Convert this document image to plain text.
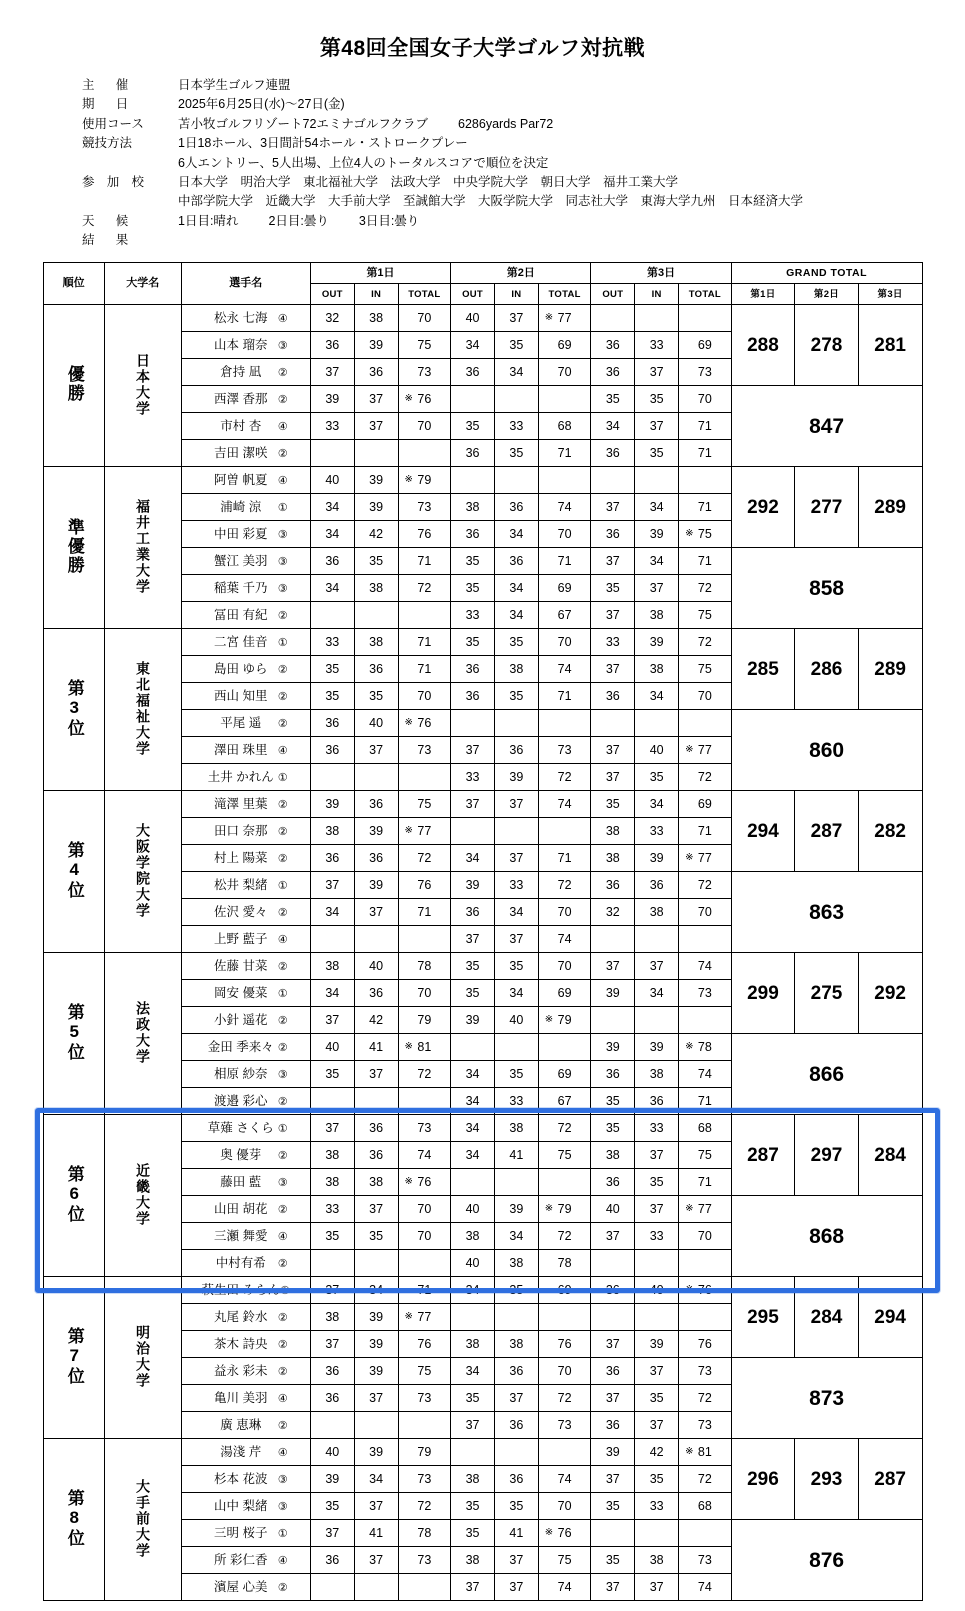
第48回全国女子大学ゴルフ対抗戦
主　催	日本学生ゴルフ連盟
期　日	2025年6月25日(水)〜27日(金)
使用コース	苫小牧ゴルフリゾート72エミナゴルフクラブ 6286yards Par72
競技方法	1日18ホール、3日間計54ホール・ストロークプレー
6人エントリー、5人出場、上位4人のトータルスコアで順位を決定
参 加 校	日本大学　明治大学　東北福祉大学　法政大学　中央学院大学　朝日大学　福井工業大学
中部学院大学　近畿大学　大手前大学　至誠館大学　大阪学院大学　同志社大学　東海大学九州　日本経済大学
天　候	1日目:晴れ 2日目:曇り 3日目:曇り
結　果
順位	大学名	選手名	第1日			第2日			第3日			GRAND TOTAL		
			OUT	IN	TOTAL	OUT	IN	TOTAL	OUT	IN	TOTAL	第1日	第2日	第3日
優勝	日本大学	松永 七海 ④	32	38	70	40	37	※ 77				288	278	281
		山本 瑠奈 ③	36	39	75	34	35	69	36	33	69			
		倉持 凪 ②	37	36	73	36	34	70	36	37	73			
		西澤 香那 ②	39	37	※ 76				35	35	70	847		
		市村 杏 ④	33	37	70	35	33	68	34	37	71			
		吉田 潔咲 ②				36	35	71	36	35	71			
準優勝	福井工業大学	阿曽 帆夏 ④	40	39	※ 79							292	277	289
		浦崎 涼 ①	34	39	73	38	36	74	37	34	71			
		中田 彩夏 ③	34	42	76	36	34	70	36	39	※ 75			
		蟹江 美羽 ③	36	35	71	35	36	71	37	34	71	858		
		稲葉 千乃 ③	34	38	72	35	34	69	35	37	72			
		冨田 有紀 ②				33	34	67	37	38	75			
第3位	東北福祉大学	二宮 佳音 ①	33	38	71	35	35	70	33	39	72	285	286	289
		島田 ゆら ②	35	36	71	36	38	74	37	38	75			
		西山 知里 ②	35	35	70	36	35	71	36	34	70			
		平尾 遥 ②	36	40	※ 76							860		
		澤田 珠里 ④	36	37	73	37	36	73	37	40	※ 77			
		土井 かれん ①				33	39	72	37	35	72			
第4位	大阪学院大学	滝澤 里葉 ②	39	36	75	37	37	74	35	34	69	294	287	282
		田口 奈那 ②	38	39	※ 77				38	33	71			
		村上 陽菜 ②	36	36	72	34	37	71	38	39	※ 77			
		松井 梨緒 ①	37	39	76	39	33	72	36	36	72	863		
		佐沢 愛々 ②	34	37	71	36	34	70	32	38	70			
		上野 藍子 ④				37	37	74						
第5位	法政大学	佐藤 甘菜 ②	38	40	78	35	35	70	37	37	74	299	275	292
		岡安 優菜 ①	34	36	70	35	34	69	39	34	73			
		小針 遥花 ②	37	42	79	39	40	※ 79						
		金田 季来々 ②	40	41	※ 81				39	39	※ 78	866		
		相原 紗奈 ③	35	37	72	34	35	69	36	38	74			
		渡邉 彩心 ②				34	33	67	35	36	71			
第6位	近畿大学	草薙 さくら ①	37	36	73	34	38	72	35	33	68	287	297	284
		奥 優芽 ②	38	36	74	34	41	75	38	37	75			
		藤田 藍 ③	38	38	※ 76				36	35	71			
		山田 胡花 ②	33	37	70	40	39	※ 79	40	37	※ 77	868		
		三瀬 舞愛 ④	35	35	70	38	34	72	37	33	70			
		中村有希 ②				40	38	78						
第7位	明治大学	萩生田 みらん①	37	34	71	34	35	69	36	40	※ 76	295	284	294
		丸尾 鈴水 ②	38	39	※ 77									
		茶木 詩央 ②	37	39	76	38	38	76	37	39	76			
		益永 彩未 ②	36	39	75	34	36	70	36	37	73	873		
		亀川 美羽 ④	36	37	73	35	37	72	37	35	72			
		廣 恵琳 ②				37	36	73	36	37	73			
第8位	大手前大学	湯淺 芹 ④	40	39	79				39	42	※ 81	296	293	287
		杉本 花波 ③	39	34	73	38	36	74	37	35	72			
		山中 梨緒 ③	35	37	72	35	35	70	35	33	68			
		三明 桜子 ①	37	41	78	35	41	※ 76				876		
		所 彩仁香 ④	36	37	73	38	37	75	35	38	73			
		濱屋 心美 ②				37	37	74	37	37	74			
